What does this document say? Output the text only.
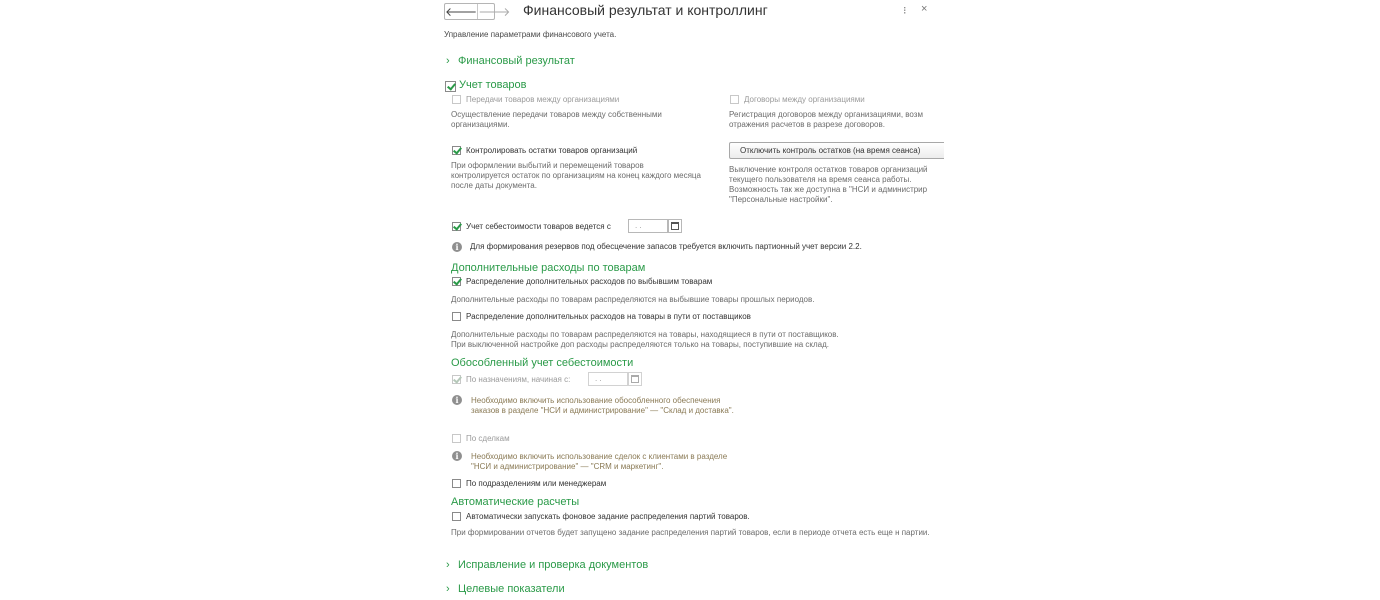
🡐 🡒 Финансовый результат и контроллинг	⁝ ×
Управление параметрами финансового учета.
› Финансовый результат
Учет товаров
Передачи товаров между организациями
Осуществление передачи товаров между собственными организациями.
Договоры между организациями
Регистрация договоров между организациями, возм отражения расчетов в разрезе договоров.
Контролировать остатки товаров организаций
При оформлении выбытий и перемещений товаров контролируется остаток по организациям на конец каждого месяца после даты документа.
Отключить контроль остатков (на время сеанса)
Выключение контроля остатков товаров организаций текущего пользователя на время сеанса работы. Возможность так же доступна в "НСИ и администрир "Персональные настройки".
Учет себестоимости товаров ведется с	. .
i	Для формирования резервов под обесцечение запасов требуется включить партионный учет версии 2.2.
Дополнительные расходы по товарам
Распределение дополнительных расходов по выбывшим товарам
Дополнительные расходы по товарам распределяются на выбывшие товары прошлых периодов.
Распределение дополнительных расходов на товары в пути от поставщиков
Дополнительные расходы по товарам распределяются на товары, находящиеся в пути от поставщиков.
При выключенной настройке доп расходы распределяются только на товары, поступившие на склад.
Обособленный учет себестоимости
По назначениям, начиная с:	. .
i	Необходимо включить использование обособленного обеспечения заказов в разделе "НСИ и администрирование" — "Склад и доставка".
По сделкам
i	Необходимо включить использование сделок с клиентами в разделе "НСИ и администрирование" — "CRM и маркетинг".
По подразделениям или менеджерам
Автоматические расчеты
Автоматически запускать фоновое задание распределения партий товаров.
При формировании отчетов будет запущено задание распределения партий товаров, если в периоде отчета есть еще н партии.
› Исправление и проверка документов
› Целевые показатели
